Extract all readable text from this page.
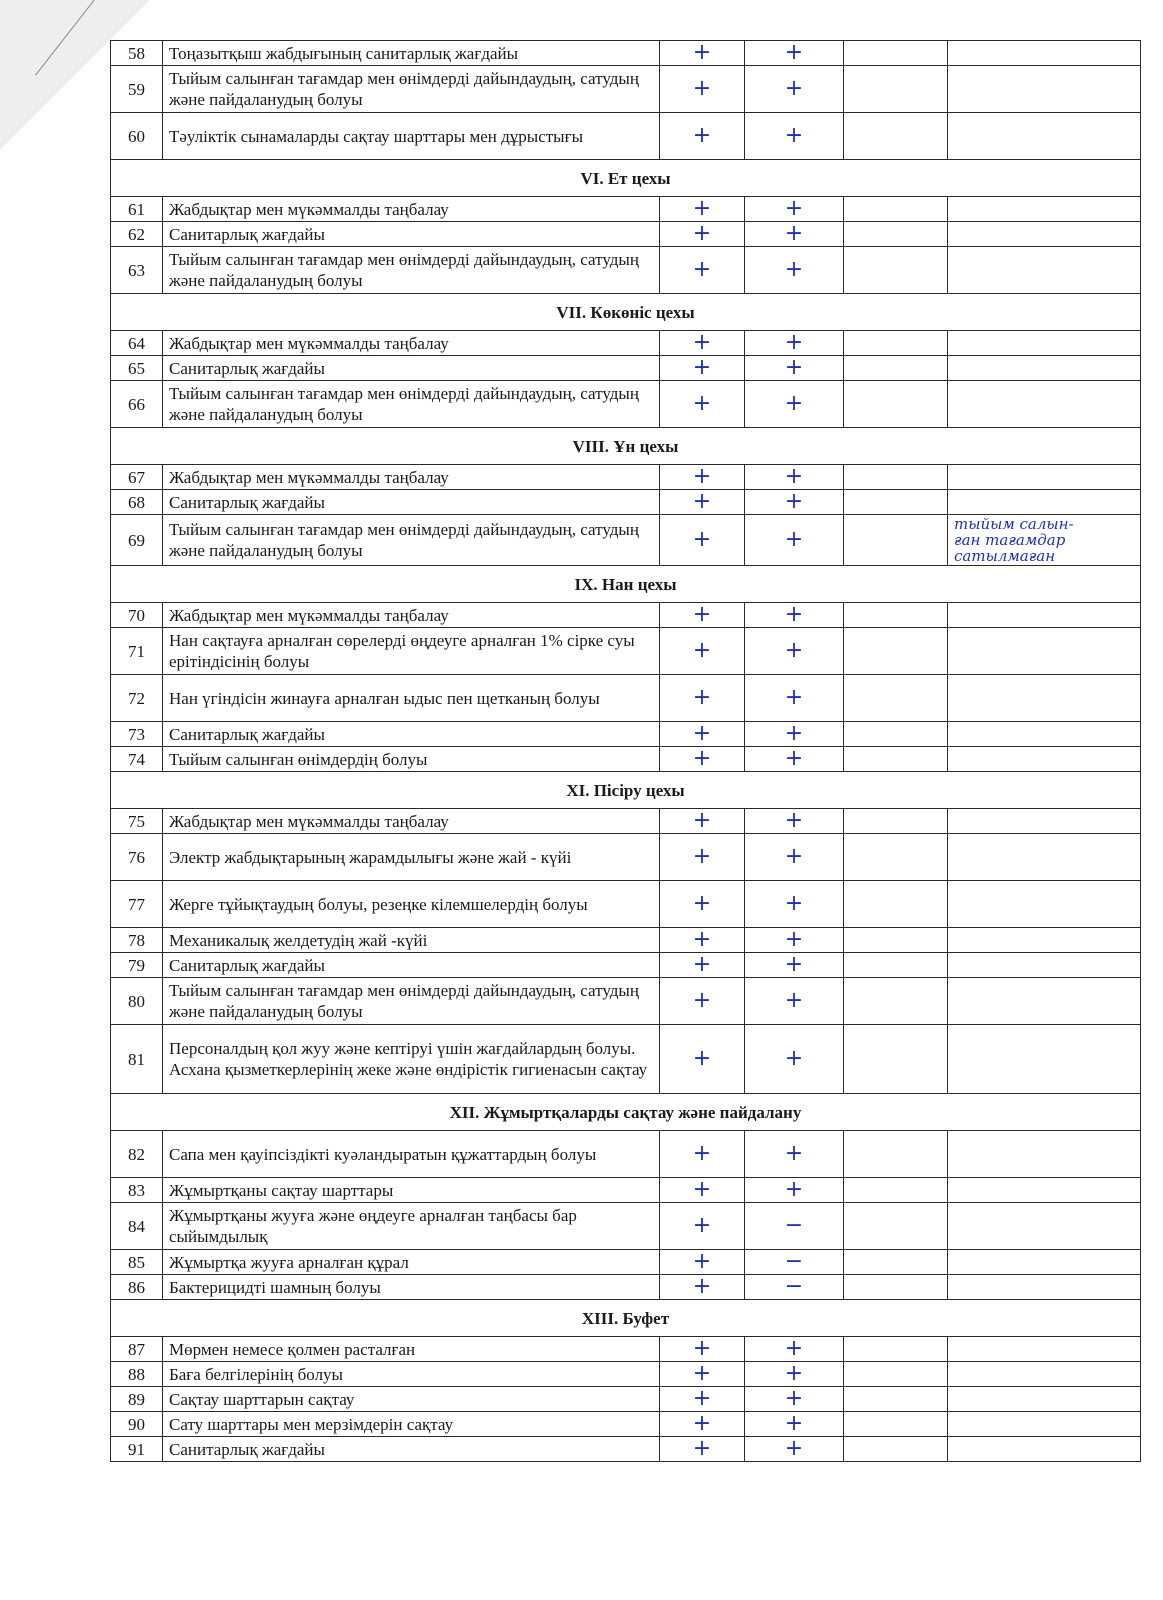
58	Тоңазытқыш жабдығының санитарлық жағдайы	+	+		
59	Тыйым салынған тағамдар мен өнімдерді дайындаудың, сатудың және пайдаланудың болуы	+	+		
60	Тәуліктік сынамаларды сақтау шарттары мен дұрыстығы	+	+		
VI. Ет цехы					
61	Жабдықтар мен мүкәммалды таңбалау	+	+		
62	Санитарлық жағдайы	+	+		
63	Тыйым салынған тағамдар мен өнімдерді дайындаудың, сатудың және пайдаланудың болуы	+	+		
VII. Көкөніс цехы					
64	Жабдықтар мен мүкәммалды таңбалау	+	+		
65	Санитарлық жағдайы	+	+		
66	Тыйым салынған тағамдар мен өнімдерді дайындаудың, сатудың және пайдаланудың болуы	+	+		
VIII. Ұн цехы					
67	Жабдықтар мен мүкәммалды таңбалау	+	+		
68	Санитарлық жағдайы	+	+		
69	Тыйым салынған тағамдар мен өнімдерді дайындаудың, сатудың және пайдаланудың болуы	+	+		тыйым салын-
ған тағамдар
сатылмаған

IX. Нан цехы					
70	Жабдықтар мен мүкәммалды таңбалау	+	+		
71	Нан сақтауға арналған сөрелерді өңдеуге арналған 1% сірке суы ерітіндісінің болуы	+	+		
72	Нан үгіндісін жинауға арналған ыдыс пен щетканың болуы	+	+		
73	Санитарлық жағдайы	+	+		
74	Тыйым салынған өнімдердің болуы	+	+		
XI. Пісіру цехы					
75	Жабдықтар мен мүкәммалды таңбалау	+	+		
76	Электр жабдықтарының жарамдылығы және жай - күйі	+	+		
77	Жерге тұйықтаудың болуы, резеңке кілемшелердің болуы	+	+		
78	Механикалық желдетудің жай -күйі	+	+		
79	Санитарлық жағдайы	+	+		
80	Тыйым салынған тағамдар мен өнімдерді дайындаудың, сатудың және пайдаланудың болуы	+	+		
81	Персоналдың қол жуу және кептіруі үшін жағдайлардың болуы. Асхана қызметкерлерінің жеке және өндірістік гигиенасын сақтау	+	+		
XII. Жұмыртқаларды сақтау және пайдалану					
82	Сапа мен қауіпсіздікті куәландыратын құжаттардың болуы	+	+		
83	Жұмыртқаны сақтау шарттары	+	+		
84	Жұмыртқаны жууға және өңдеуге арналған таңбасы бар сыйымдылық	+	−		
85	Жұмыртқа жууға арналған құрал	+	−		
86	Бактерицидті шамның болуы	+	−		
XIII. Буфет					
87	Мөрмен немесе қолмен расталған	+	+		
88	Баға белгілерінің болуы	+	+		
89	Сақтау шарттарын сақтау	+	+		
90	Сату шарттары мен мерзімдерін сақтау	+	+		
91	Санитарлық жағдайы	+	+		
